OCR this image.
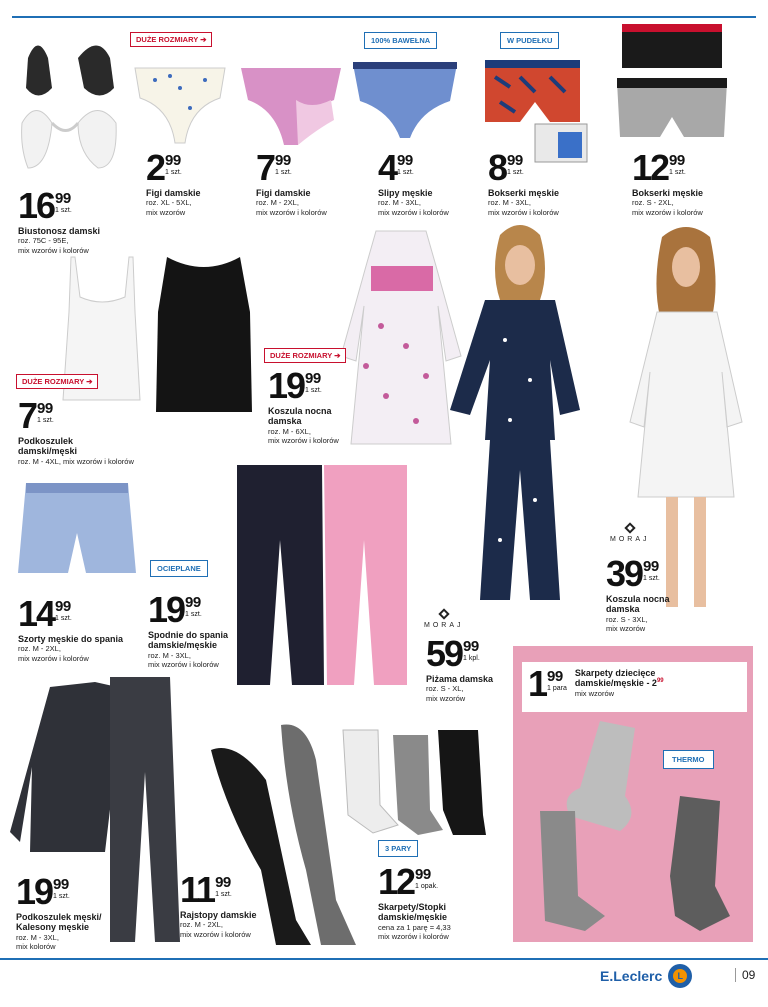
DUŻE ROZMIARY ➔	100% BAWEŁNA	W PUDEŁKU
DUŻE ROZMIARY ➔
DUŻE ROZMIARY ➔
OCIEPLANE
3 PARY
THERMO
MORAJ
MORAJ
16 99
1 szt.
Biustonosz damski
roz. 75C - 95E,
mix wzorów i kolorów
2 99
1 szt.
Figi damskie
roz. XL - 5XL,
mix wzorów
7 99
1 szt.
Figi damskie
roz. M - 2XL,
mix wzorów i kolorów
4 99
1 szt.
Slipy męskie
roz. M - 3XL,
mix wzorów i kolorów
8 99
1 szt.
Bokserki męskie
roz. M - 3XL,
mix wzorów i kolorów
12 99
1 szt.
Bokserki męskie
roz. S - 2XL,
mix wzorów i kolorów
7 99
1 szt.
Podkoszulek damski/męski
roz. M - 4XL, mix wzorów i kolorów
19 99
1 szt.
Koszula nocna damska
roz. M - 6XL,
mix wzorów i kolorów
14 99
1 szt.
Szorty męskie do spania
roz. M - 2XL,
mix wzorów i kolorów
19 99
1 szt.
Spodnie do spania damskie/męskie
roz. M - 3XL,
mix wzorów i kolorów	59 99
1 kpl.
Piżama damska
roz. S - XL,
mix wzorów
39 99
1 szt.
Koszula nocna damska
roz. S - 3XL,
mix wzorów
19 99
1 szt.
Podkoszulek męski/ Kalesony męskie
roz. M - 3XL,
mix kolorów
11 99
1 szt.
Rajstopy damskie
roz. M - 2XL,
mix wzorów i kolorów
12 99
1 opak.
Skarpety/Stopki damskie/męskie
cena za 1 parę = 4,33
mix wzorów i kolorów
1 99
1 para
Skarpety dziecięce damskie/męskie - $2^{99}$
mix wzorów
E.Leclerc	L	09
